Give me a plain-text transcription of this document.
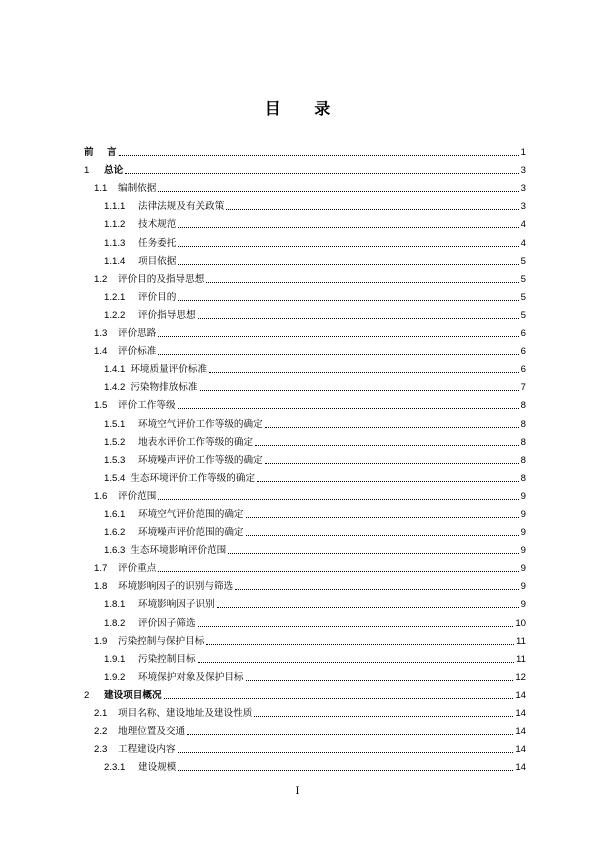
目 录
前    言	1
1 总论	3
1.1 编制依据	3
1.1.1 法律法规及有关政策	3
1.1.2 技术规范	4
1.1.3 任务委托	4
1.1.4 项目依据	5
1.2 评价目的及指导思想	5
1.2.1 评价目的	5
1.2.2 评价指导思想	5
1.3 评价思路	6
1.4 评价标准	6
1.4.1 环境质量评价标准	6
1.4.2 污染物排放标准	7
1.5 评价工作等级	8
1.5.1 环境空气评价工作等级的确定	8
1.5.2 地表水评价工作等级的确定	8
1.5.3 环境噪声评价工作等级的确定	8
1.5.4 生态环境评价工作等级的确定	8
1.6 评价范围	9
1.6.1 环境空气评价范围的确定	9
1.6.2 环境噪声评价范围的确定	9
1.6.3 生态环境影响评价范围	9
1.7 评价重点	9
1.8 环境影响因子的识别与筛选	9
1.8.1 环境影响因子识别	9
1.8.2 评价因子筛选	10
1.9 污染控制与保护目标	11
1.9.1 污染控制目标	11
1.9.2 环境保护对象及保护目标	12
2 建设项目概况	14
2.1 项目名称、建设地址及建设性质	14
2.2 地理位置及交通	14
2.3 工程建设内容	14
2.3.1 建设规模	14
I
